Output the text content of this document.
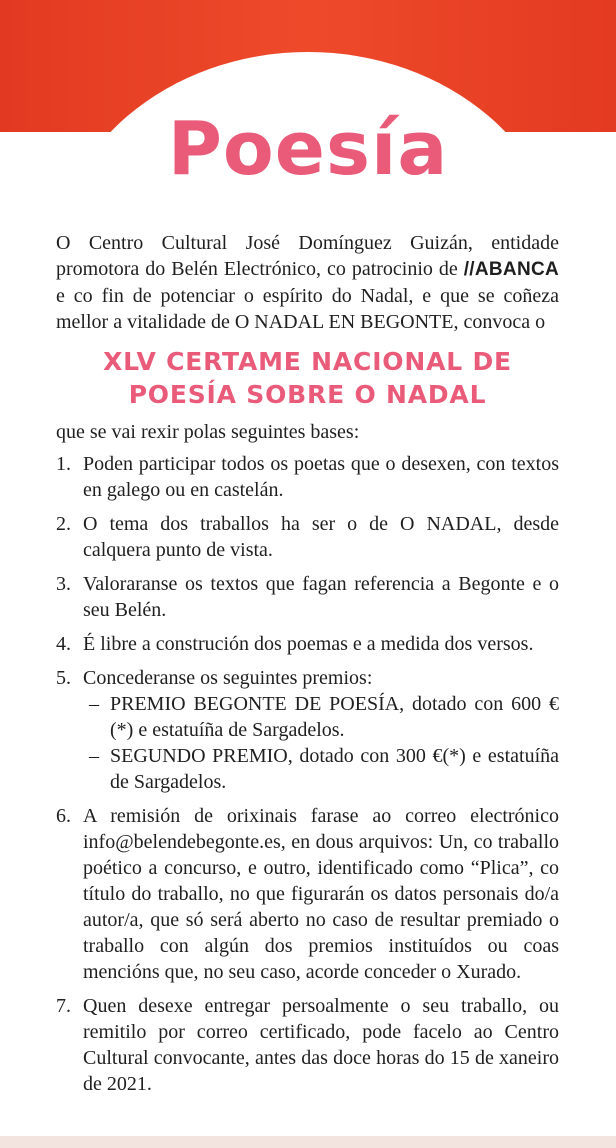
Poesía

O Centro Cultural José Domínguez Guizán, entidade promotora do Belén Electrónico, co patrocinio de //ABANCA e co fin de potenciar o espírito do Nadal, e que se coñeza mellor a vitalidade de O NADAL EN BEGONTE, convoca o

XLV CERTAME NACIONAL DE
POESÍA SOBRE O NADAL

que se vai rexir polas seguintes bases:

1. Poden participar todos os poetas que o desexen, con textos en galego ou en castelán.
2. O tema dos traballos ha ser o de O NADAL, desde calquera punto de vista.
3. Valoraranse os textos que fagan referencia a Begonte e o seu Belén.
4. É libre a construción dos poemas e a medida dos versos.
5. Concederanse os seguintes premios:
– PREMIO BEGONTE DE POESÍA, dotado con 600 € (*) e estatuíña de Sargadelos.
– SEGUNDO PREMIO, dotado con 300 €(*) e estatuíña de Sargadelos.
6. A remisión de orixinais farase ao correo electrónico info@belendebegonte.es, en dous arquivos: Un, co traballo poético a concurso, e outro, identificado como “Plica”, co título do traballo, no que figurarán os datos personais do/a autor/a, que só será aberto no caso de resultar premiado o traballo con algún dos premios instituídos ou coas mencións que, no seu caso, acorde conceder o Xurado.
7. Quen desexe entregar persoalmente o seu traballo, ou remitilo por correo certificado, pode facelo ao Centro Cultural convocante, antes das doce horas do 15 de xaneiro de 2021.
